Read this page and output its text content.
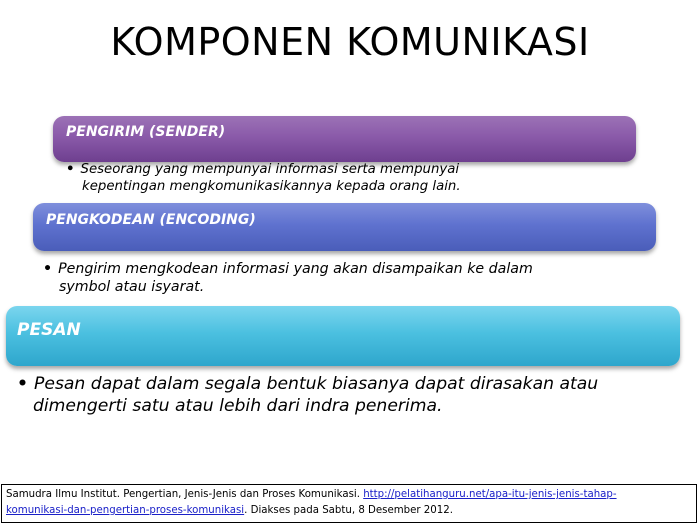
KOMPONEN KOMUNIKASI
PENGIRIM (SENDER)
• Seseorang yang mempunyai informasi serta mempunyai
kepentingan mengkomunikasikannya kepada orang lain.
PENGKODEAN (ENCODING)
• Pengirim mengkodean informasi yang akan disampaikan ke dalam
symbol atau isyarat.
PESAN
• Pesan dapat dalam segala bentuk biasanya dapat dirasakan atau
dimengerti satu atau lebih dari indra penerima.
Samudra Ilmu Institut. Pengertian, Jenis-Jenis dan Proses Komunikasi. http://pelatihanguru.net/apa-itu-jenis-jenis-tahap-
komunikasi-dan-pengertian-proses-komunikasi. Diakses pada Sabtu, 8 Desember 2012.
